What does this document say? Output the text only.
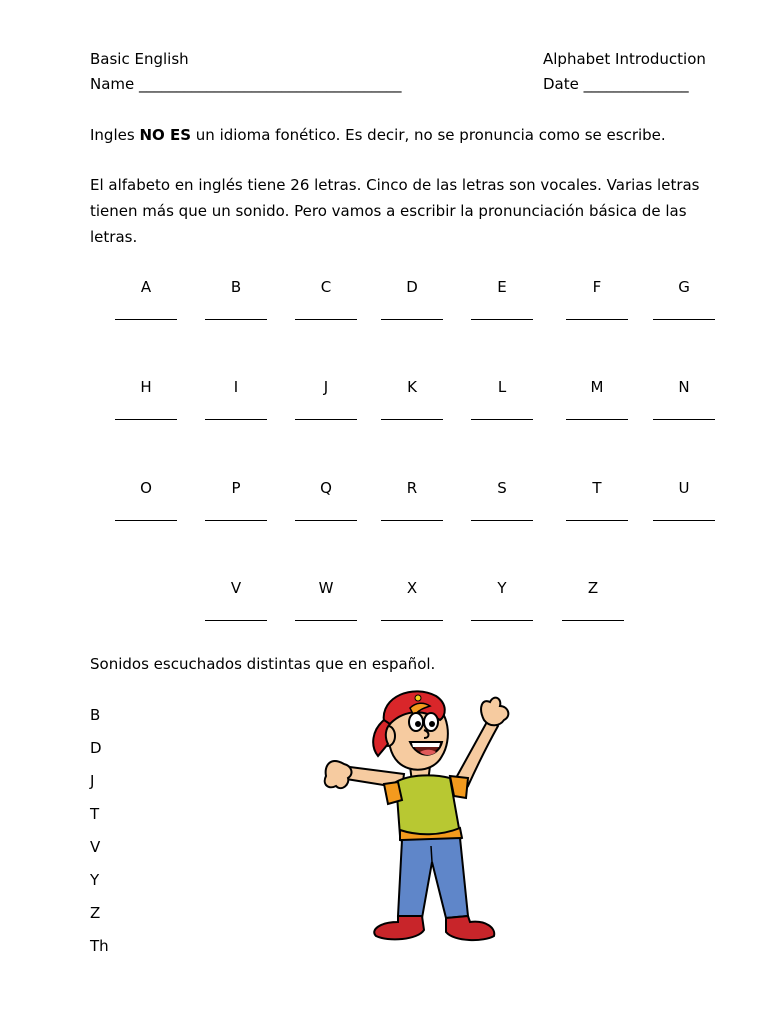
Basic English	Alphabet Introduction
Name ___________________________________	Date ______________
Ingles NO ES un idioma fonético. Es decir, no se pronuncia como se escribe.
El alfabeto en inglés tiene 26 letras. Cinco de las letras son vocales. Varias letras tienen más que un sonido. Pero vamos a escribir la pronunciación básica de las letras.
A	B	C	D	E	F	G
H	I	J	K	L	M	N
O	P	Q	R	S	T	U
V	W	X	Y	Z
Sonidos escuchados distintas que en español.
B
D
J
T
V
Y
Z
Th
